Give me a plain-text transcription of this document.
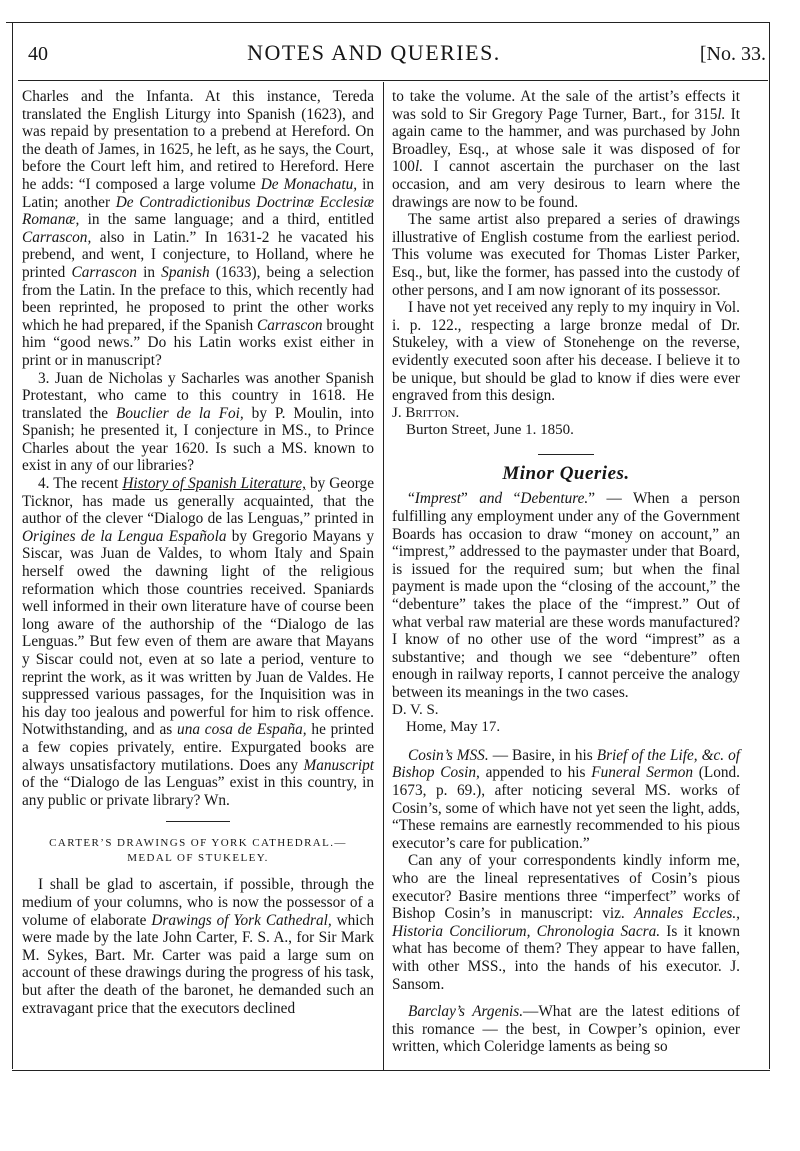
40	NOTES AND QUERIES.	[No. 33.

Charles and the Infanta. At this instance, Tereda translated the English Liturgy into Spanish (1623), and was repaid by presentation to a prebend at Hereford. On the death of James, in 1625, he left, as he says, the Court, before the Court left him, and retired to Hereford. Here he adds: “I composed a large volume De Monachatu, in Latin; another De Contradictionibus Doctrinæ Ecclesiæ Romanæ, in the same language; and a third, entitled Carrascon, also in Latin.” In 1631-2 he vacated his prebend, and went, I conjecture, to Holland, where he printed Carrascon in Spanish (1633), being a selection from the Latin. In the preface to this, which recently had been reprinted, he proposed to print the other works which he had prepared, if the Spanish Carrascon brought him “good news.” Do his Latin works exist either in print or in manuscript?

3. Juan de Nicholas y Sacharles was another Spanish Protestant, who came to this country in 1618. He translated the Bouclier de la Foi, by P. Moulin, into Spanish; he presented it, I conjecture in MS., to Prince Charles about the year 1620. Is such a MS. known to exist in any of our libraries?

4. The recent History of Spanish Literature, by George Ticknor, has made us generally acquainted, that the author of the clever “Dialogo de las Lenguas,” printed in Origines de la Lengua Española by Gregorio Mayans y Siscar, was Juan de Valdes, to whom Italy and Spain herself owed the dawning light of the religious reformation which those countries received. Spaniards well informed in their own literature have of course been long aware of the authorship of the “Dialogo de las Lenguas.” But few even of them are aware that Mayans y Siscar could not, even at so late a period, venture to reprint the work, as it was written by Juan de Valdes. He suppressed various passages, for the Inquisition was in his day too jealous and powerful for him to risk offence. Notwithstanding, and as una cosa de España, he printed a few copies privately, entire. Expurgated books are always unsatisfactory mutilations. Does any Manuscript of the “Dialogo de las Lenguas” exist in this country, in any public or private library? Wn.

CARTER’S DRAWINGS OF YORK CATHEDRAL.—
MEDAL OF STUKELEY.

I shall be glad to ascertain, if possible, through the medium of your columns, who is now the possessor of a volume of elaborate Drawings of York Cathedral, which were made by the late John Carter, F. S. A., for Sir Mark M. Sykes, Bart. Mr. Carter was paid a large sum on account of these drawings during the progress of his task, but after the death of the baronet, he demanded such an extravagant price that the executors declined

to take the volume. At the sale of the artist’s effects it was sold to Sir Gregory Page Turner, Bart., for 315l. It again came to the hammer, and was purchased by John Broadley, Esq., at whose sale it was disposed of for 100l. I cannot ascertain the purchaser on the last occasion, and am very desirous to learn where the drawings are now to be found.

The same artist also prepared a series of drawings illustrative of English costume from the earliest period. This volume was executed for Thomas Lister Parker, Esq., but, like the former, has passed into the custody of other persons, and I am now ignorant of its possessor.

I have not yet received any reply to my inquiry in Vol. i. p. 122., respecting a large bronze medal of Dr. Stukeley, with a view of Stonehenge on the reverse, evidently executed soon after his decease. I believe it to be unique, but should be glad to know if dies were ever engraved from this design.

J. Britton.

Burton Street, June 1. 1850.

Minor Queries.

“Imprest” and “Debenture.” — When a person fulfilling any employment under any of the Government Boards has occasion to draw “money on account,” an “imprest,” addressed to the paymaster under that Board, is issued for the required sum; but when the final payment is made upon the “closing of the account,” the “debenture” takes the place of the “imprest.” Out of what verbal raw material are these words manufactured? I know of no other use of the word “imprest” as a substantive; and though we see “debenture” often enough in railway reports, I cannot perceive the analogy between its meanings in the two cases.

D. V. S.

Home, May 17.

Cosin’s MSS. — Basire, in his Brief of the Life, &c. of Bishop Cosin, appended to his Funeral Sermon (Lond. 1673, p. 69.), after noticing several MS. works of Cosin’s, some of which have not yet seen the light, adds, “These remains are earnestly recommended to his pious executor’s care for publication.”

Can any of your correspondents kindly inform me, who are the lineal representatives of Cosin’s pious executor? Basire mentions three “imperfect” works of Bishop Cosin’s in manuscript: viz. Annales Eccles., Historia Conciliorum, Chronologia Sacra. Is it known what has become of them? They appear to have fallen, with other MSS., into the hands of his executor. J. Sansom.

Barclay’s Argenis.—What are the latest editions of this romance — the best, in Cowper’s opinion, ever written, which Coleridge laments as being so
